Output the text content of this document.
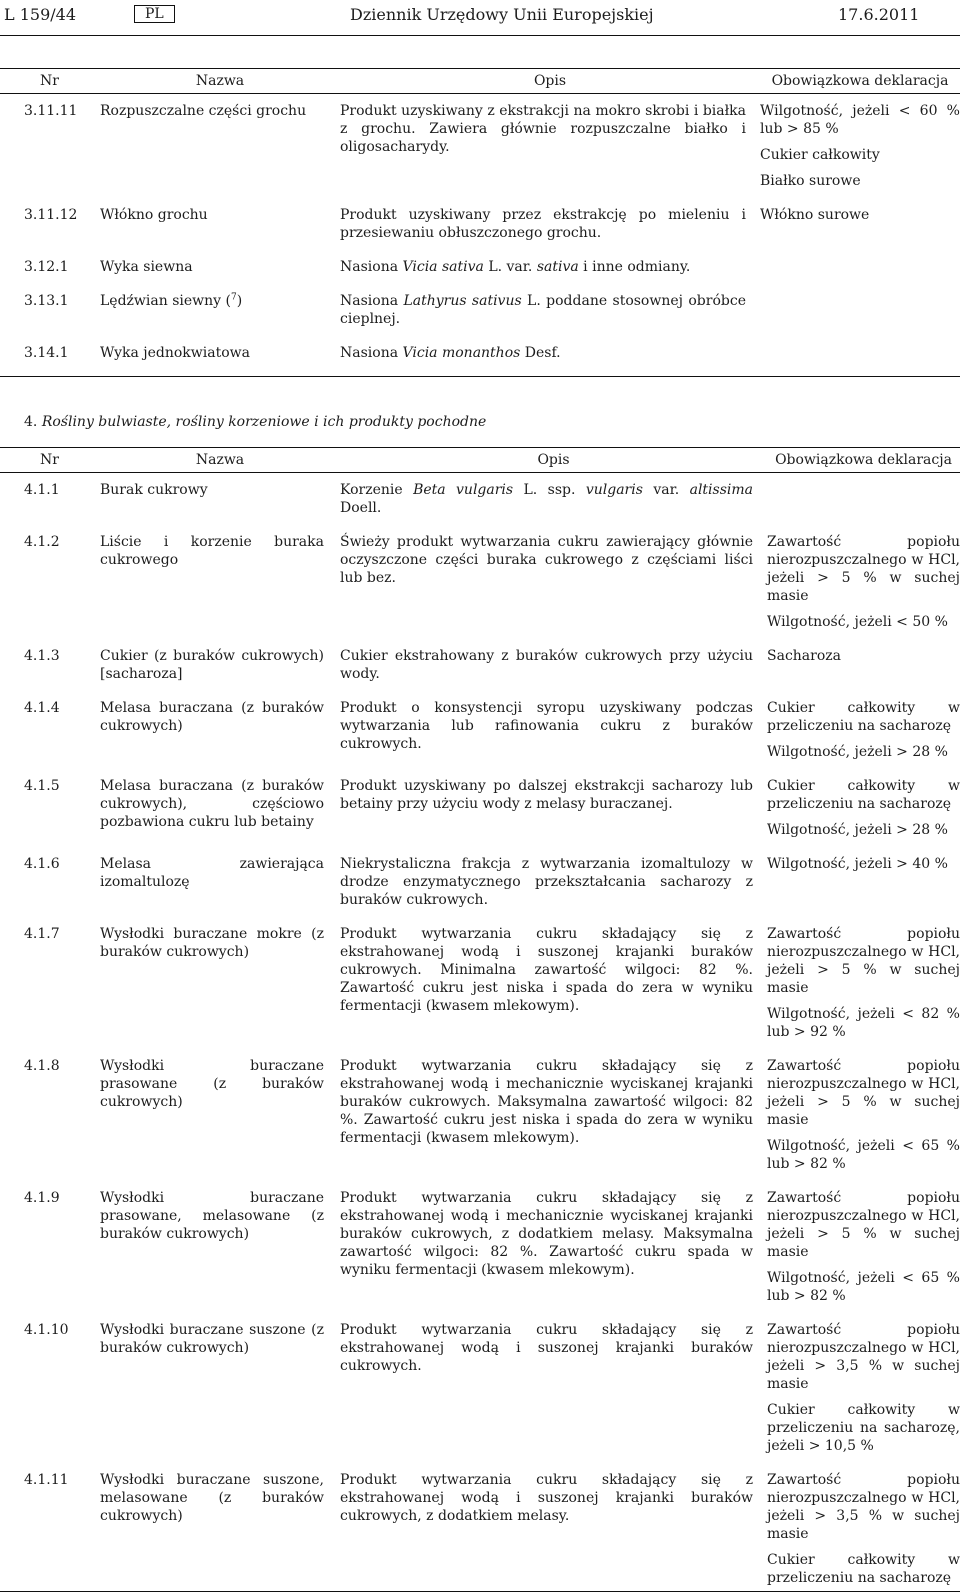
L 159/44	PL	Dziennik Urzędowy Unii Europejskiej	17.6.2011
Nr	Nazwa	Opis	Obowiązkowa deklaracja
3.11.11	Rozpuszczalne części grochu	Produkt uzyskiwany z ekstrakcji na mokro skrobi i białka z grochu. Zawiera głównie rozpuszczalne białko i oligosacharydy.	Wilgotność, jeżeli < 60 % lub > 85 %
Cukier całkowity
Białko surowe

3.11.12	Włókno grochu	Produkt uzyskiwany przez ekstrakcję po mieleniu i przesiewaniu obłuszczonego grochu.	Włókno surowe

3.12.1	Wyka siewna	Nasiona Vicia sativa L. var. sativa i inne odmiany.	
3.13.1	Lędźwian siewny ($^7$)	Nasiona Lathyrus sativus L. poddane stosownej obróbce cieplnej.	
3.14.1	Wyka jednokwiatowa	Nasiona Vicia monanthos Desf.	
4. Rośliny bulwiaste, rośliny korzeniowe i ich produkty pochodne
Nr	Nazwa	Opis	Obowiązkowa deklaracja
4.1.1	Burak cukrowy	Korzenie Beta vulgaris L. ssp. vulgaris var. altissima Doell.	
4.1.2	Liście i korzenie buraka cukrowego	Świeży produkt wytwarzania cukru zawierający głównie oczyszczone części buraka cukrowego z częściami liści lub bez.	Zawartość popiołu nierozpuszczalnego w HCl, jeżeli > 5 % w suchej masie
Wilgotność, jeżeli < 50 %

4.1.3	Cukier (z buraków cukrowych) [sacharoza]	Cukier ekstrahowany z buraków cukrowych przy użyciu wody.	Sacharoza

4.1.4	Melasa buraczana (z buraków cukrowych)	Produkt o konsystencji syropu uzyskiwany podczas wytwarzania lub rafinowania cukru z buraków cukrowych.	Cukier całkowity w przeliczeniu na sacharozę
Wilgotność, jeżeli > 28 %

4.1.5	Melasa buraczana (z buraków cukrowych), częściowo pozbawiona cukru lub betainy	Produkt uzyskiwany po dalszej ekstrakcji sacharozy lub betainy przy użyciu wody z melasy buraczanej.	Cukier całkowity w przeliczeniu na sacharozę
Wilgotność, jeżeli > 28 %

4.1.6	Melasa zawierająca izomaltulozę	Niekrystaliczna frakcja z wytwarzania izomaltulozy w drodze enzymatycznego przekształcania sacharozy z buraków cukrowych.	Wilgotność, jeżeli > 40 %

4.1.7	Wysłodki buraczane mokre (z buraków cukrowych)	Produkt wytwarzania cukru składający się z ekstrahowanej wodą i suszonej krajanki buraków cukrowych. Minimalna zawartość wilgoci: 82 %. Zawartość cukru jest niska i spada do zera w wyniku fermentacji (kwasem mlekowym).	Zawartość popiołu nierozpuszczalnego w HCl, jeżeli > 5 % w suchej masie
Wilgotność, jeżeli < 82 % lub > 92 %

4.1.8	Wysłodki buraczane prasowane (z buraków cukrowych)	Produkt wytwarzania cukru składający się z ekstrahowanej wodą i mechanicznie wyciskanej krajanki buraków cukrowych. Maksymalna zawartość wilgoci: 82 %. Zawartość cukru jest niska i spada do zera w wyniku fermentacji (kwasem mlekowym).	Zawartość popiołu nierozpuszczalnego w HCl, jeżeli > 5 % w suchej masie
Wilgotność, jeżeli < 65 % lub > 82 %

4.1.9	Wysłodki buraczane prasowane, melasowane (z buraków cukrowych)	Produkt wytwarzania cukru składający się z ekstrahowanej wodą i mechanicznie wyciskanej krajanki buraków cukrowych, z dodatkiem melasy. Maksymalna zawartość wilgoci: 82 %. Zawartość cukru spada w wyniku fermentacji (kwasem mlekowym).	Zawartość popiołu nierozpuszczalnego w HCl, jeżeli > 5 % w suchej masie
Wilgotność, jeżeli < 65 % lub > 82 %

4.1.10	Wysłodki buraczane suszone (z buraków cukrowych)	Produkt wytwarzania cukru składający się z ekstrahowanej wodą i suszonej krajanki buraków cukrowych.	Zawartość popiołu nierozpuszczalnego w HCl, jeżeli > 3,5 % w suchej masie
Cukier całkowity w przeliczeniu na sacharozę, jeżeli > 10,5 %

4.1.11	Wysłodki buraczane suszone, melasowane (z buraków cukrowych)	Produkt wytwarzania cukru składający się z ekstrahowanej wodą i suszonej krajanki buraków cukrowych, z dodatkiem melasy.	Zawartość popiołu nierozpuszczalnego w HCl, jeżeli > 3,5 % w suchej masie
Cukier całkowity w przeliczeniu na sacharozę
